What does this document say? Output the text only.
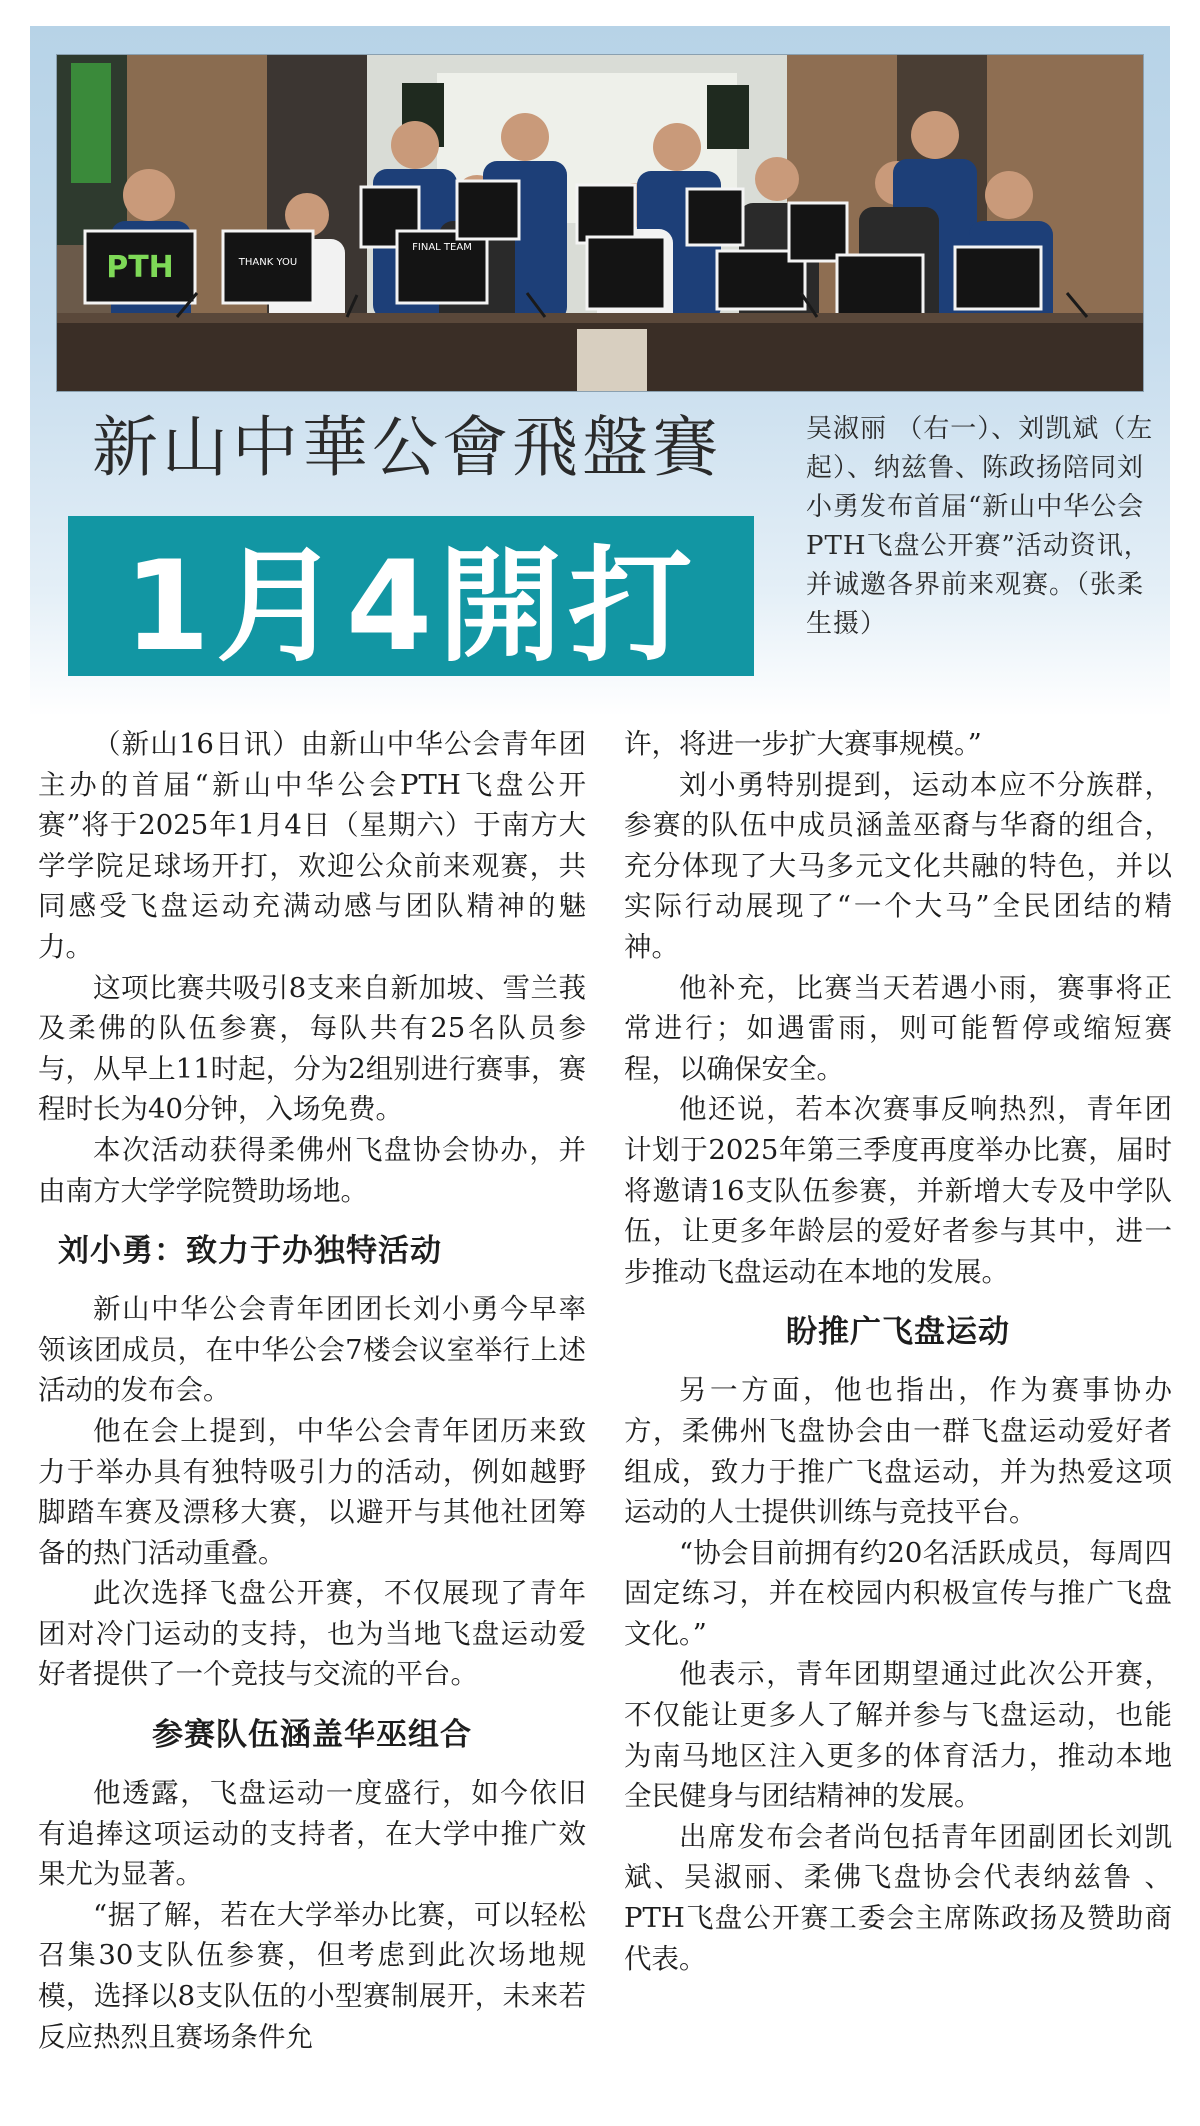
PTH	THANK YOU
FINAL TEAM
新山中華公會飛盤賽
1月4開打
吴淑丽 （右一）、刘凯斌（左起）、纳兹鲁、陈政扬陪同刘小勇发布首届“新山中华公会PTH飞盘公开赛”活动资讯，并诚邀各界前来观赛。（张柔生摄）

（新山16日讯）由新山中华公会青年团主办的首届“新山中华公会PTH飞盘公开赛”将于2025年1月4日（星期六）于南方大学学院足球场开打，欢迎公众前来观赛，共同感受飞盘运动充满动感与团队精神的魅力。

这项比赛共吸引8支来自新加坡、雪兰莪及柔佛的队伍参赛，每队共有25名队员参与，从早上11时起，分为2组别进行赛事，赛程时长为40分钟，入场免费。

本次活动获得柔佛州飞盘协会协办，并由南方大学学院赞助场地。

刘小勇：致力于办独特活动

新山中华公会青年团团长刘小勇今早率领该团成员，在中华公会7楼会议室举行上述活动的发布会。

他在会上提到，中华公会青年团历来致力于举办具有独特吸引力的活动，例如越野脚踏车赛及漂移大赛，以避开与其他社团筹备的热门活动重叠。

此次选择飞盘公开赛，不仅展现了青年团对冷门运动的支持，也为当地飞盘运动爱好者提供了一个竞技与交流的平台。

参赛队伍涵盖华巫组合

他透露，飞盘运动一度盛行，如今依旧有追捧这项运动的支持者，在大学中推广效果尤为显著。

“据了解，若在大学举办比赛，可以轻松召集30支队伍参赛，但考虑到此次场地规模，选择以8支队伍的小型赛制展开，未来若反应热烈且赛场条件允

许，将进一步扩大赛事规模。”

刘小勇特别提到，运动本应不分族群，参赛的队伍中成员涵盖巫裔与华裔的组合，充分体现了大马多元文化共融的特色，并以实际行动展现了“一个大马”全民团结的精神。

他补充，比赛当天若遇小雨，赛事将正常进行；如遇雷雨，则可能暂停或缩短赛程，以确保安全。

他还说，若本次赛事反响热烈，青年团计划于2025年第三季度再度举办比赛，届时将邀请16支队伍参赛，并新增大专及中学队伍，让更多年龄层的爱好者参与其中，进一步推动飞盘运动在本地的发展。

盼推广飞盘运动

另一方面，他也指出，作为赛事协办方，柔佛州飞盘协会由一群飞盘运动爱好者组成，致力于推广飞盘运动，并为热爱这项运动的人士提供训练与竞技平台。

“协会目前拥有约20名活跃成员，每周四固定练习，并在校园内积极宣传与推广飞盘文化。”

他表示，青年团期望通过此次公开赛，不仅能让更多人了解并参与飞盘运动，也能为南马地区注入更多的体育活力，推动本地全民健身与团结精神的发展。

出席发布会者尚包括青年团副团长刘凯斌、吴淑丽、柔佛飞盘协会代表纳兹鲁 、PTH飞盘公开赛工委会主席陈政扬及赞助商代表。
